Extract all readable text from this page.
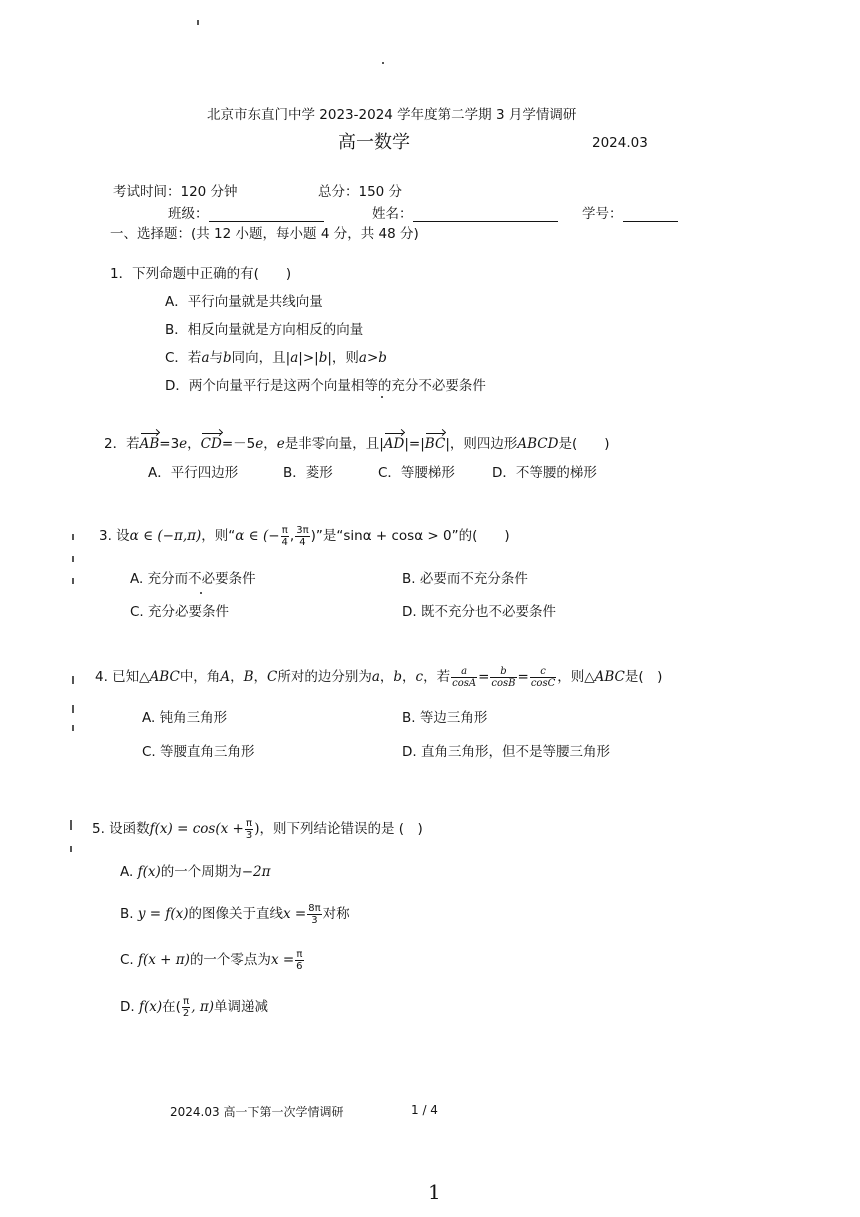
北京市东直门中学 2023-2024 学年度第二学期 3 月学情调研
高一数学	2024.03
考试时间：120 分钟	总分：150 分
班级：	姓名：	学号：
一、选择题：(共 12 小题，每小题 4 分，共 48 分)
1．下列命题中正确的有(　　)
A．平行向量就是共线向量
B．相反向量就是方向相反的向量
C．若a与b同向，且|a|>|b|，则a>b
D．两个向量平行是这两个向量相等的充分不必要条件
2．若AB=3e，CD=－5e，e是非零向量，且|AD|=|BC|，则四边形ABCD是(　　)
A．平行四边形	B．菱形	C．等腰梯形	D．不等腰的梯形
3. 设α ∈ (−π,π)，则“α ∈ (− $\frac{\pi}{4}$ , $\frac{3\pi}{4}$ )”是“sinα + cosα > 0”的(　　)
A. 充分而不必要条件	B. 必要而不充分条件
C. 充分必要条件	D. 既不充分也不必要条件
4. 已知△ABC中，角A，B，C所对的边分别为a，b，c，若 $\frac{a}{\cos A} = \frac{b}{\cos B} = \frac{c}{\cos C}$ ，则△ABC是(　)
A. 钝角三角形	B. 等边三角形
C. 等腰直角三角形	D. 直角三角形，但不是等腰三角形
5. 设函数$f(x) = \cos(x + \frac{\pi}{3}$ )，则下列结论错误的是 (　)
A. f(x)的一个周期为−2π
B. y = f(x)的图像关于直线$x = \frac{8\pi}{3}$ 对称
C. f(x + π)的一个零点为$x = \frac{\pi}{6}$
D. f(x)在( $\frac{\pi}{2}$ , π)单调递减
2024.03 高一下第一次学情调研	1 / 4
1
